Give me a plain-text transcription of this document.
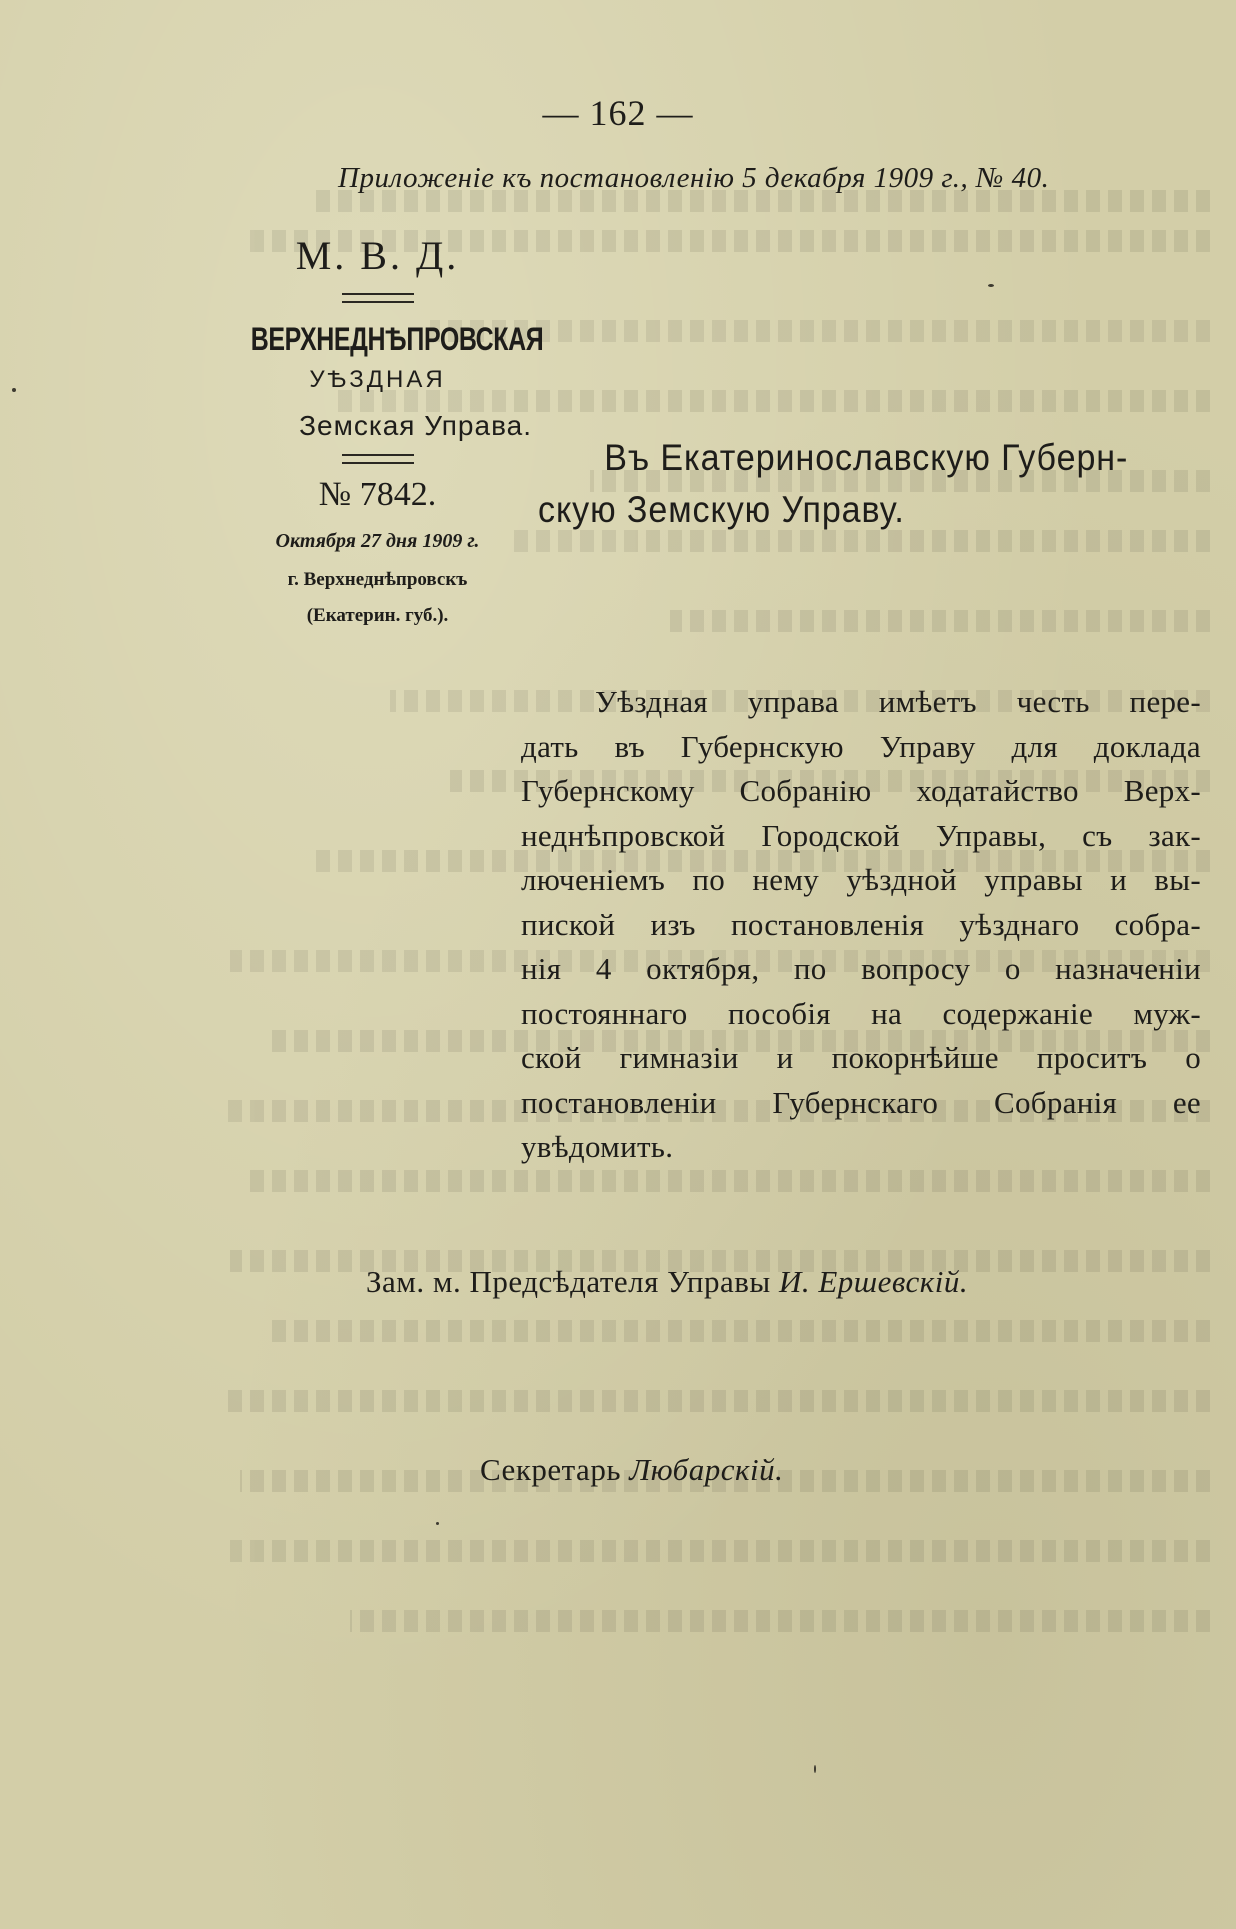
— 162 —
Приложенiе къ постановленiю 5 декабря 1909 г., № 40.
М. В. Д.
ВЕРХНЕДНѢПРОВСКАЯ
УѢЗДНАЯ
Земская Управа.
№ 7842.
Октября 27 дня 1909 г.
г. Верхнеднѣпровскъ
(Екатерин. губ.).
Въ Екатеринославскую Губерн-
скую Земскую Управу.
Уѣздная управа имѣетъ честь пере-
дать въ Губернскую Управу для доклада
Губернскому Собранiю ходатайство Верх-
неднѣпровской Городской Управы, съ зак-
люченiемъ по нему уѣздной управы и вы-
пиской изъ постановленiя уѣзднаго собра-
нiя 4 октября, по вопросу о назначенiи
постояннаго пособiя на содержанiе муж-
ской гимназiи и покорнѣйше проситъ о
постановленiи Губернскаго Собранiя ее
увѣдомить.
Зам. м. Предсѣдателя Управы И. Ершевскiй.
Секретарь Любарскiй.
